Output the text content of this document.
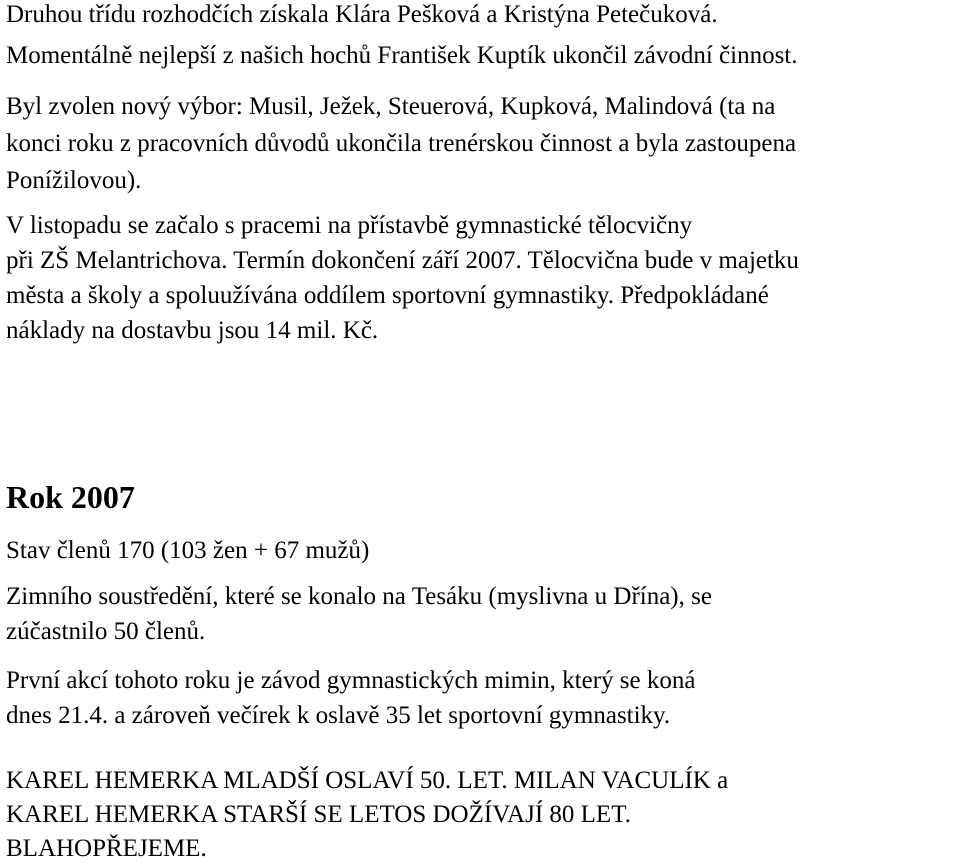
Druhou třídu rozhodčích získala Klára Pešková a Kristýna Petečuková.
Momentálně nejlepší z našich hochů František Kuptík ukončil závodní činnost.
Byl zvolen nový výbor: Musil, Ježek, Steuerová, Kupková, Malindová (ta na
konci roku z pracovních důvodů ukončila trenérskou činnost a byla zastoupena
Ponížilovou).
V listopadu se začalo s pracemi na přístavbě gymnastické tělocvičny
při ZŠ Melantrichova. Termín dokončení září 2007. Tělocvična bude v majetku
města a školy a spoluužívána oddílem sportovní gymnastiky. Předpokládané
náklady na dostavbu jsou 14 mil. Kč.
Rok 2007
Stav členů 170 (103 žen + 67 mužů)
Zimního soustředění, které se konalo na Tesáku (myslivna u Dřína), se
zúčastnilo 50 členů.
První akcí tohoto roku je závod gymnastických mimin, který se koná
dnes 21.4. a zároveň večírek k oslavě 35 let sportovní gymnastiky.
KAREL HEMERKA MLADŠÍ OSLAVÍ 50. LET. MILAN VACULÍK a
KAREL HEMERKA STARŠÍ SE LETOS DOŽÍVAJÍ 80 LET.
BLAHOPŘEJEME.
